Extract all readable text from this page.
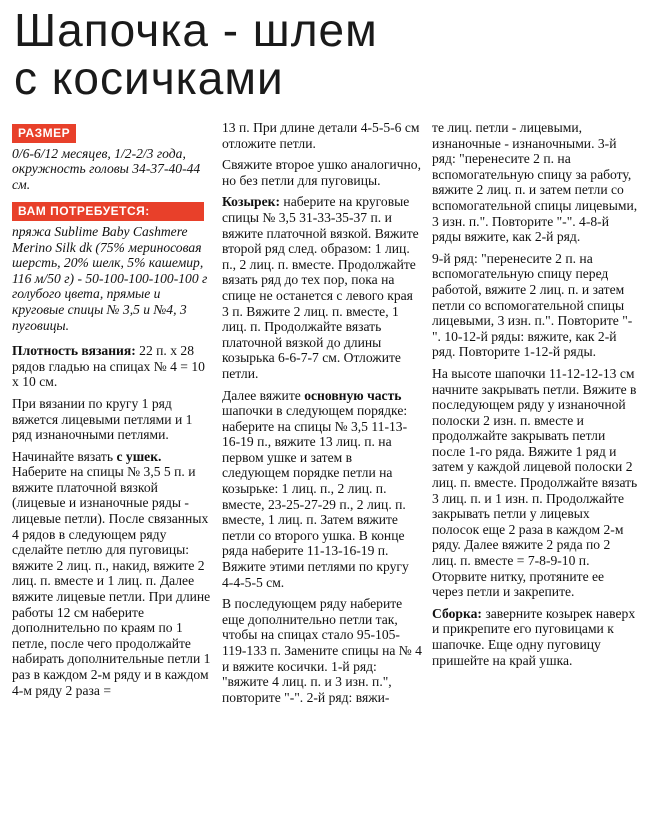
Шапочка - шлем
с косичками
РАЗМЕР
0/6-6/12 месяцев, 1/2-2/3 года, окружность головы 34-37-40-44 см.
ВАМ ПОТРЕБУЕТСЯ:
пряжа Sublime Baby Cashmere Merino Silk dk (75% мериносовая шерсть, 20% шелк, 5% кашемир, 116 м/50 г) - 50-100-100-100-100 г голубого цвета, прямые и круговые спицы № 3,5 и №4, 3 пуговицы.

Плотность вязания: 22 п. x 28 рядов гладью на спицах № 4 = 10 x 10 см.

При вязании по кругу 1 ряд вяжется лицевыми петлями и 1 ряд изнаночными петлями.

Начинайте вязать с ушек. Наберите на спицы № 3,5 5 п. и вяжите платочной вязкой (лицевые и изнаночные ряды - лицевые петли). После связанных 4 рядов в следующем ряду сделайте петлю для пуговицы: вяжите 2 лиц. п., накид, вяжите 2 лиц. п. вместе и 1 лиц. п. Далее вяжите лицевые петли. При длине работы 12 см наберите дополнительно по краям по 1 петле, после чего продолжайте набирать дополнительные петли 1 раз в каждом 2-м ряду и в каждом 4-м ряду 2 раза =

13 п. При длине детали 4-5-5-6 см отложите петли.

Свяжите второе ушко аналогично, но без петли для пуговицы.

Козырек: наберите на круговые спицы № 3,5 31-33-35-37 п. и вяжите платочной вязкой. Вяжите второй ряд след. образом: 1 лиц. п., 2 лиц. п. вместе. Продолжайте вязать ряд до тех пор, пока на спице не останется с левого края 3 п. Вяжите 2 лиц. п. вместе, 1 лиц. п. Продолжайте вязать платочной вязкой до длины козырька 6-6-7-7 см. Отложите петли.

Далее вяжите основную часть шапочки в следующем порядке: наберите на спицы № 3,5 11-13-16-19 п., вяжите 13 лиц. п. на первом ушке и затем в следующем порядке петли на козырьке: 1 лиц. п., 2 лиц. п. вместе, 23-25-27-29 п., 2 лиц. п. вместе, 1 лиц. п. Затем вяжите петли со второго ушка. В конце ряда наберите 11-13-16-19 п. Вяжите этими петлями по кругу 4-4-5-5 см.

В последующем ряду наберите еще дополнительно петли так, чтобы на спицах стало 95-105-119-133 п. Замените спицы на № 4 и вяжите косички. 1-й ряд: "вяжите 4 лиц. п. и 3 изн. п.", повторите "-". 2-й ряд: вяжи-

те лиц. петли - лицевыми, изнаночные - изнаночными. 3-й ряд: "перенесите 2 п. на вспомогательную спицу за работу, вяжите 2 лиц. п. и затем петли со вспомогательной спицы лицевыми, 3 изн. п.". Повторите "-". 4-8-й ряды вяжите, как 2-й ряд.

9-й ряд: "перенесите 2 п. на вспомогательную спицу перед работой, вяжите 2 лиц. п. и затем петли со вспомогательной спицы лицевыми, 3 изн. п.". Повторите "-". 10-12-й ряды: вяжите, как 2-й ряд. Повторите 1-12-й ряды.

На высоте шапочки 11-12-12-13 см начните закрывать петли. Вяжите в последующем ряду у изнаночной полоски 2 изн. п. вместе и продолжайте закрывать петли после 1-го ряда. Вяжите 1 ряд и затем у каждой лицевой полоски 2 лиц. п. вместе. Продолжайте вязать 3 лиц. п. и 1 изн. п. Продолжайте закрывать петли у лицевых полосок еще 2 раза в каждом 2-м ряду. Далее вяжите 2 ряда по 2 лиц. п. вместе = 7-8-9-10 п. Оторвите нитку, протяните ее через петли и закрепите.

Сборка: заверните козырек наверх и прикрепите его пуговицами к шапочке. Еще одну пуговицу пришейте на край ушка.
